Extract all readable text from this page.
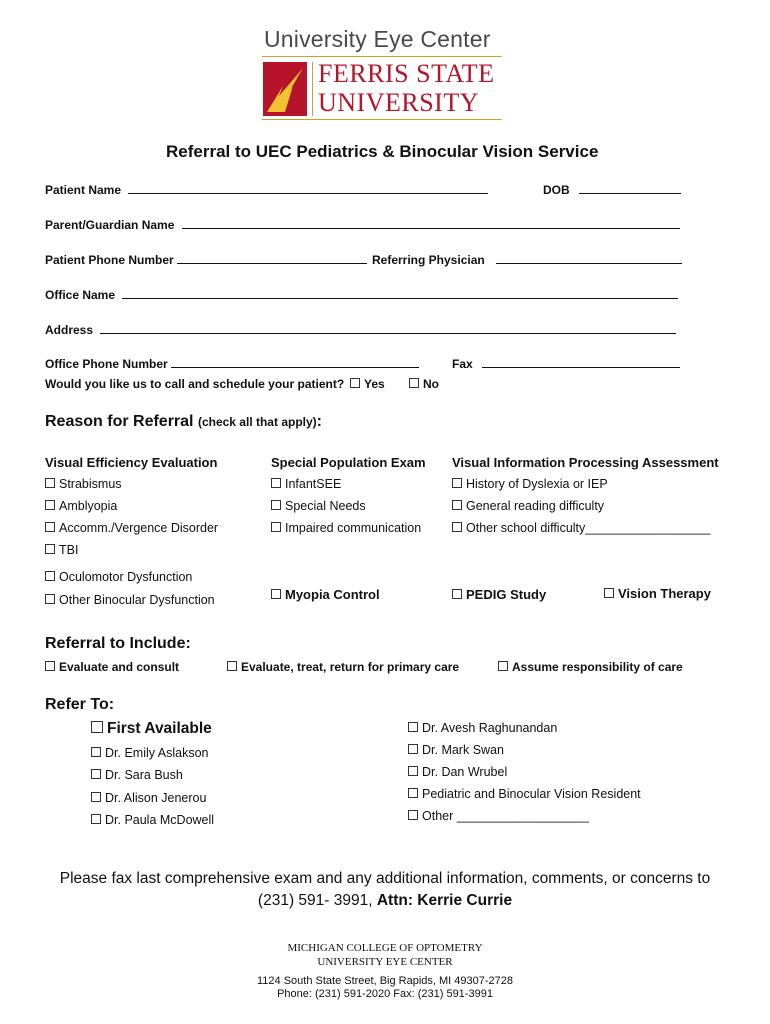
University Eye Center
FERRIS STATE
UNIVERSITY
Referral to UEC Pediatrics & Binocular Vision Service
Patient Name	DOB
Parent/Guardian Name
Patient Phone Number	Referring Physician
Office Name
Address
Office Phone Number	Fax
Would you like us to call and schedule your patient?	Yes	No
Reason for Referral (check all that apply):
Visual Efficiency Evaluation	Special Population Exam Visual Information Processing Assessment
Strabismus
Amblyopia
Accomm./Vergence Disorder
TBI
Oculomotor Dysfunction
Other Binocular Dysfunction
InfantSEE
Special Needs
Impaired communication
Myopia Control
History of Dyslexia or IEP
General reading difficulty
Other school difficulty__________________
PEDIG Study	Vision Therapy
Referral to Include:
Evaluate and consult	Evaluate, treat, return for primary care	Assume responsibility of care
Refer To:
First Available
Dr. Emily Aslakson
Dr. Sara Bush
Dr. Alison Jenerou
Dr. Paula McDowell
Dr. Avesh Raghunandan
Dr. Mark Swan
Dr. Dan Wrubel
Pediatric and Binocular Vision Resident
Other ___________________
Please fax last comprehensive exam and any additional information, comments, or concerns to
(231) 591- 3991, Attn: Kerrie Currie
MICHIGAN COLLEGE OF OPTOMETRY
UNIVERSITY EYE CENTER
1124 South State Street, Big Rapids, MI 49307-2728
Phone: (231) 591-2020 Fax: (231) 591-3991
